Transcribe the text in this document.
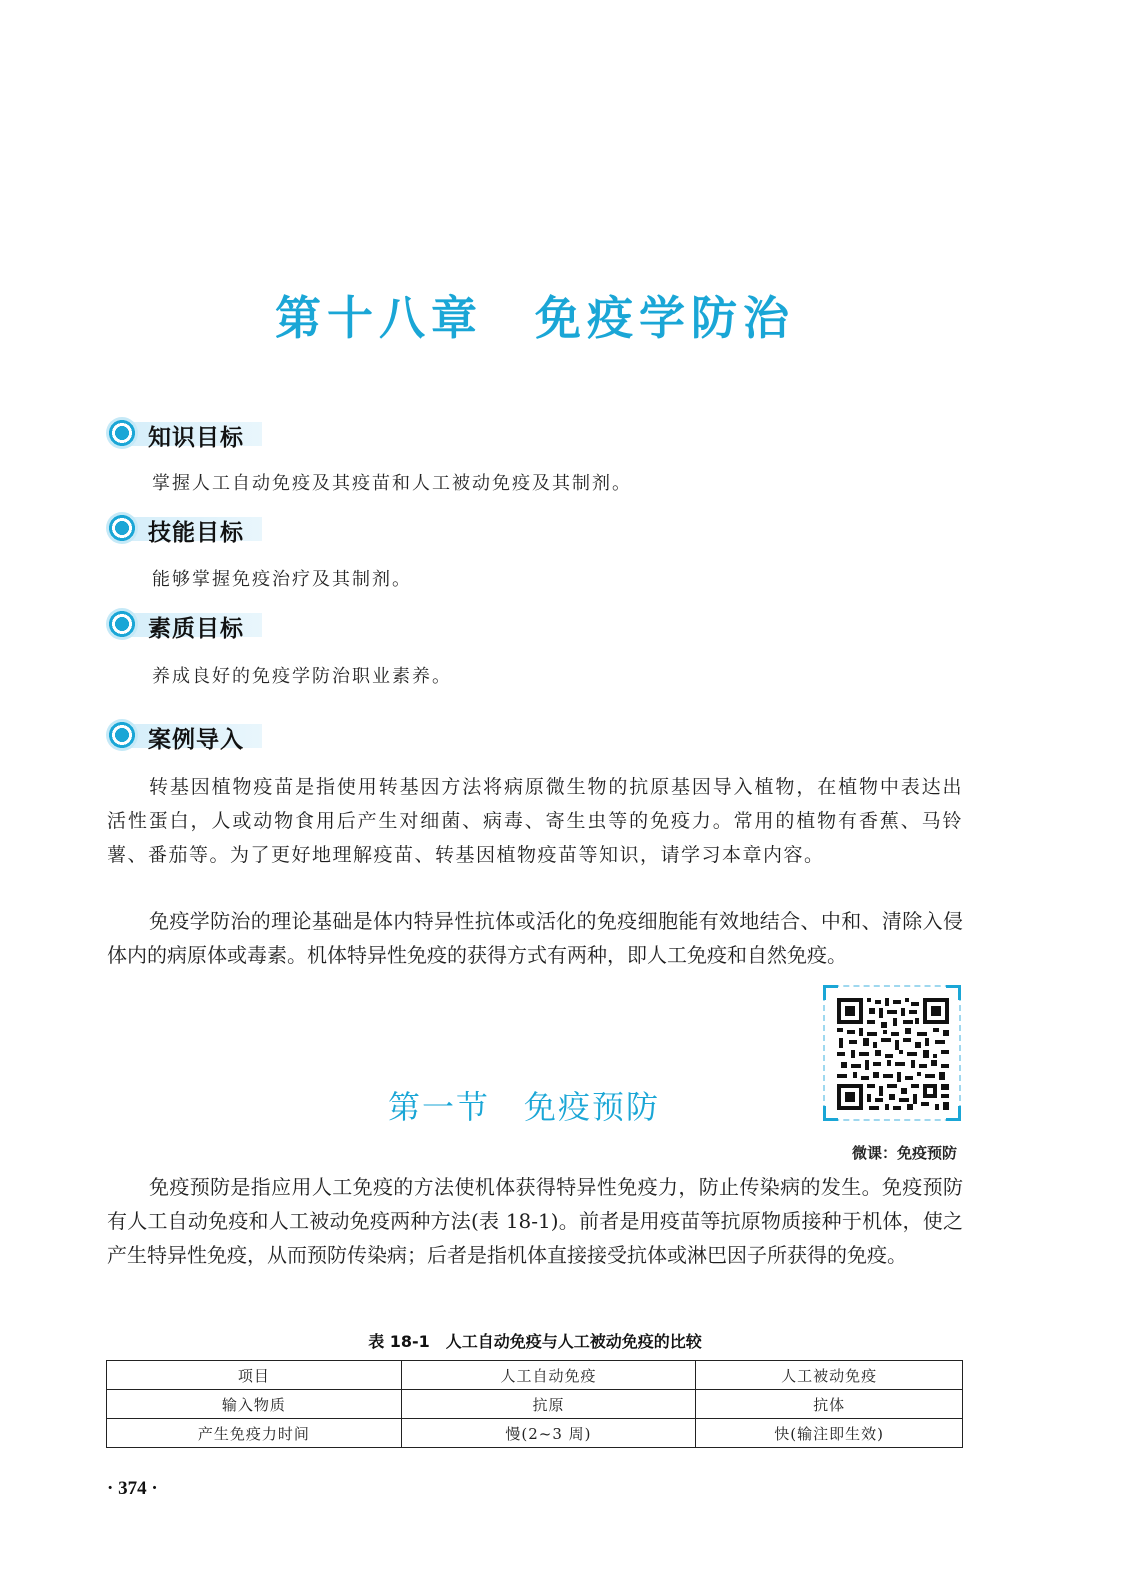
第十八章　免疫学防治
知识目标
掌握人工自动免疫及其疫苗和人工被动免疫及其制剂。
技能目标
能够掌握免疫治疗及其制剂。
素质目标
养成良好的免疫学防治职业素养。
案例导入
转基因植物疫苗是指使用转基因方法将病原微生物的抗原基因导入植物，在植物中表达出活性蛋白，人或动物食用后产生对细菌、病毒、寄生虫等的免疫力。常用的植物有香蕉、马铃薯、番茄等。为了更好地理解疫苗、转基因植物疫苗等知识，请学习本章内容。
免疫学防治的理论基础是体内特异性抗体或活化的免疫细胞能有效地结合、中和、清除入侵体内的病原体或毒素。机体特异性免疫的获得方式有两种，即人工免疫和自然免疫。
微课：免疫预防
第一节　免疫预防
免疫预防是指应用人工免疫的方法使机体获得特异性免疫力，防止传染病的发生。免疫预防有人工自动免疫和人工被动免疫两种方法(表 18-1)。前者是用疫苗等抗原物质接种于机体，使之产生特异性免疫，从而预防传染病；后者是指机体直接接受抗体或淋巴因子所获得的免疫。
表 18-1　人工自动免疫与人工被动免疫的比较
项目	人工自动免疫	人工被动免疫
输入物质	抗原	抗体
产生免疫力时间	慢(2~3 周)	快(输注即生效)
· 374 ·
